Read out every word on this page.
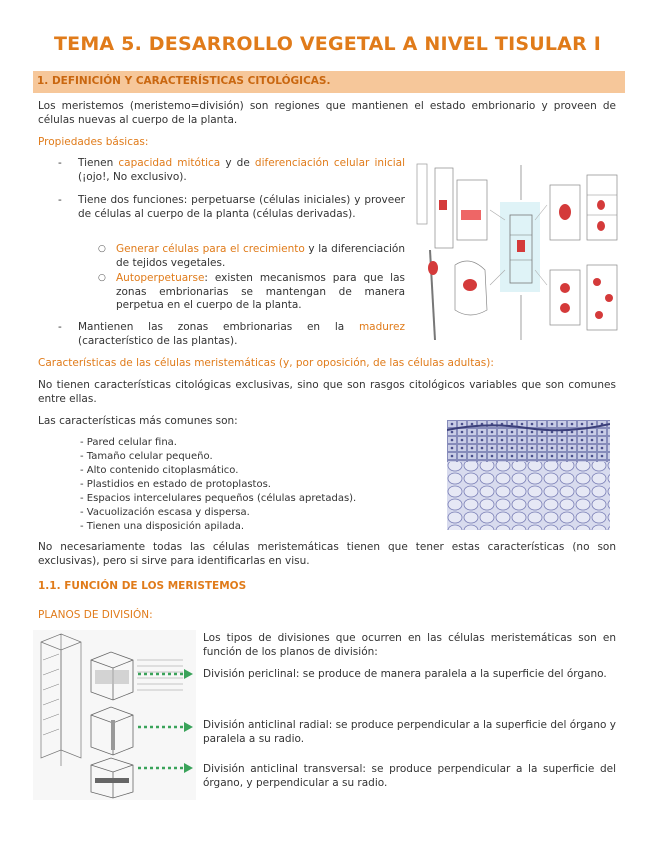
TEMA 5. DESARROLLO VEGETAL A NIVEL TISULAR I
1. DEFINICIÓN Y CARACTERÍSTICAS CITOLÓGICAS.

Los meristemos (meristemo=división) son regiones que mantienen el estado embrionario y proveen de células nuevas al cuerpo de la planta.

Propiedades básicas:
- Tienen capacidad mitótica y de diferenciación celular inicial (¡ojo!, No exclusivo).

- Tiene dos funciones: perpetuarse (células iniciales) y proveer de células al cuerpo de la planta (células derivadas).

○ Generar células para el crecimiento y la diferenciación de tejidos vegetales.

○ Autoperpetuarse: existen mecanismos para que las zonas embrionarias se mantengan de manera perpetua en el cuerpo de la planta.

- Mantienen las zonas embrionarias en la madurez (característico de las plantas).

Características de las células meristemáticas (y, por oposición, de las células adultas):

No tienen características citológicas exclusivas, sino que son rasgos citológicos variables que son comunes entre ellas.

Las características más comunes son:

- Pared celular fina.
- Tamaño celular pequeño.
- Alto contenido citoplasmático.
- Plastidios en estado de protoplastos.
- Espacios intercelulares pequeños (células apretadas).
- Vacuolización escasa y dispersa.
- Tienen una disposición apilada.

No necesariamente todas las células meristemáticas tienen que tener estas características (no son exclusivas), pero si sirve para identificarlas en visu.

1.1. FUNCIÓN DE LOS MERISTEMOS
PLANOS DE DIVISIÓN:

Los tipos de divisiones que ocurren en las células meristemáticas son en función de los planos de división:

División periclinal: se produce de manera paralela a la superficie del órgano.

División anticlinal radial: se produce perpendicular a la superficie del órgano y paralela a su radio.

División anticlinal transversal: se produce perpendicular a la superficie del órgano, y perpendicular a su radio.
